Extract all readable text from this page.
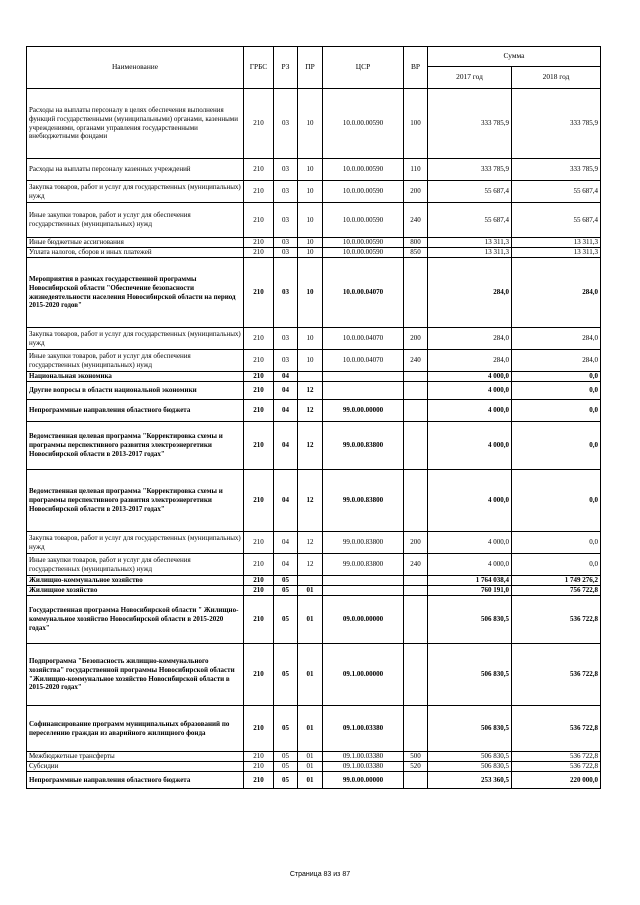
Наименование	ГРБС	РЗ	ПР	ЦСР	ВР	Сумма	
						2017 год	2018 год
Расходы на выплаты персоналу в целях обеспечения выполнения функций государственными (муниципальными) органами, казенными учреждениями, органами управления государственными внебюджетными фондами	210	03	10	10.0.00.00590	100	333 785,9	333 785,9
Расходы на выплаты персоналу казенных учреждений	210	03	10	10.0.00.00590	110	333 785,9	333 785,9
Закупка товаров, работ и услуг для государственных (муниципальных) нужд	210	03	10	10.0.00.00590	200	55 687,4	55 687,4
Иные закупки товаров, работ и услуг для обеспечения государственных (муниципальных) нужд	210	03	10	10.0.00.00590	240	55 687,4	55 687,4
Иные бюджетные ассигнования	210	03	10	10.0.00.00590	800	13 311,3	13 311,3
Уплата налогов, сборов и иных платежей	210	03	10	10.0.00.00590	850	13 311,3	13 311,3
Мероприятия в рамках государственной программы Новосибирской области "Обеспечение безопасности жизнедеятельности населения Новосибирской области на период 2015-2020 годов"	210	03	10	10.0.00.04070		284,0	284,0
Закупка товаров, работ и услуг для государственных (муниципальных) нужд	210	03	10	10.0.00.04070	200	284,0	284,0
Иные закупки товаров, работ и услуг для обеспечения государственных (муниципальных) нужд	210	03	10	10.0.00.04070	240	284,0	284,0
Национальная экономика	210	04				4 000,0	0,0
Другие вопросы в области национальной экономики	210	04	12			4 000,0	0,0
Непрограммные направления областного бюджета	210	04	12	99.0.00.00000		4 000,0	0,0
Ведомственная целевая программа "Корректировка схемы и программы перспективного развития электроэнергетики Новосибирской области в 2013-2017 годах"	210	04	12	99.0.00.83800		4 000,0	0,0
Ведомственная целевая программа "Корректировка схемы и программы перспективного развития электроэнергетики Новосибирской области в 2013-2017 годах"	210	04	12	99.0.00.83800		4 000,0	0,0
Закупка товаров, работ и услуг для государственных (муниципальных) нужд	210	04	12	99.0.00.83800	200	4 000,0	0,0
Иные закупки товаров, работ и услуг для обеспечения государственных (муниципальных) нужд	210	04	12	99.0.00.83800	240	4 000,0	0,0
Жилищно-коммунальное хозяйство	210	05				1 764 038,4	1 749 276,2
Жилищное хозяйство	210	05	01			760 191,0	756 722,8
Государственная программа Новосибирской области " Жилищно-коммунальное хозяйство Новосибирской области в 2015-2020 годах"	210	05	01	09.0.00.00000		506 830,5	536 722,8
Подпрограмма "Безопасность жилищно-коммунального хозяйства" государственной программы Новосибирской области "Жилищно-коммунальное хозяйство Новосибирской области в 2015-2020 годах"	210	05	01	09.1.00.00000		506 830,5	536 722,8
Софинансирование программ муниципальных образований по переселению граждан из аварийного жилищного фонда	210	05	01	09.1.00.03380		506 830,5	536 722,8
Межбюджетные трансферты	210	05	01	09.1.00.03380	500	506 830,5	536 722,8
Субсидии	210	05	01	09.1.00.03380	520	506 830,5	536 722,8
Непрограммные направления областного бюджета	210	05	01	99.0.00.00000		253 360,5	220 000,0
Страница 83 из 87
